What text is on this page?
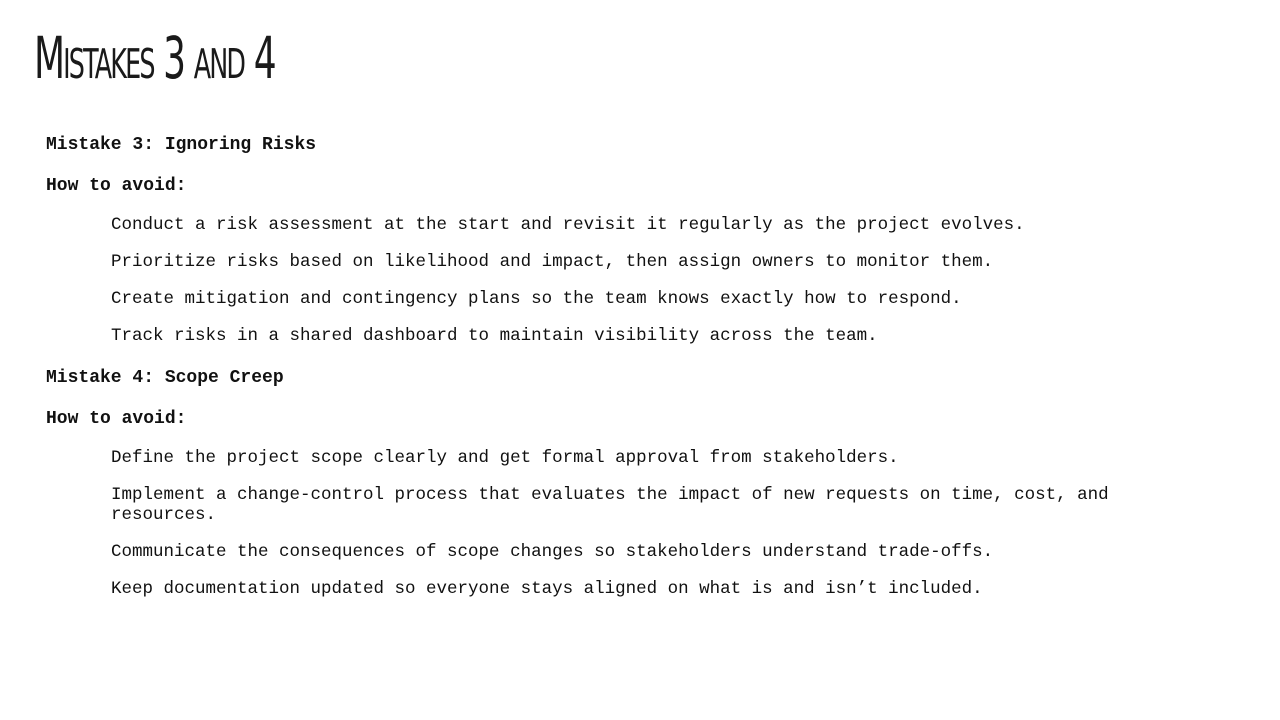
Mistakes 3 and 4

Mistake 3: Ignoring Risks

How to avoid:

Conduct a risk assessment at the start and revisit it regularly as the project evolves.
Prioritize risks based on likelihood and impact, then assign owners to monitor them.
Create mitigation and contingency plans so the team knows exactly how to respond.
Track risks in a shared dashboard to maintain visibility across the team.

Mistake 4: Scope Creep

How to avoid:

Define the project scope clearly and get formal approval from stakeholders.
Implement a change-control process that evaluates the impact of new requests on time, cost, and resources.
Communicate the consequences of scope changes so stakeholders understand trade-offs.
Keep documentation updated so everyone stays aligned on what is and isn’t included.
